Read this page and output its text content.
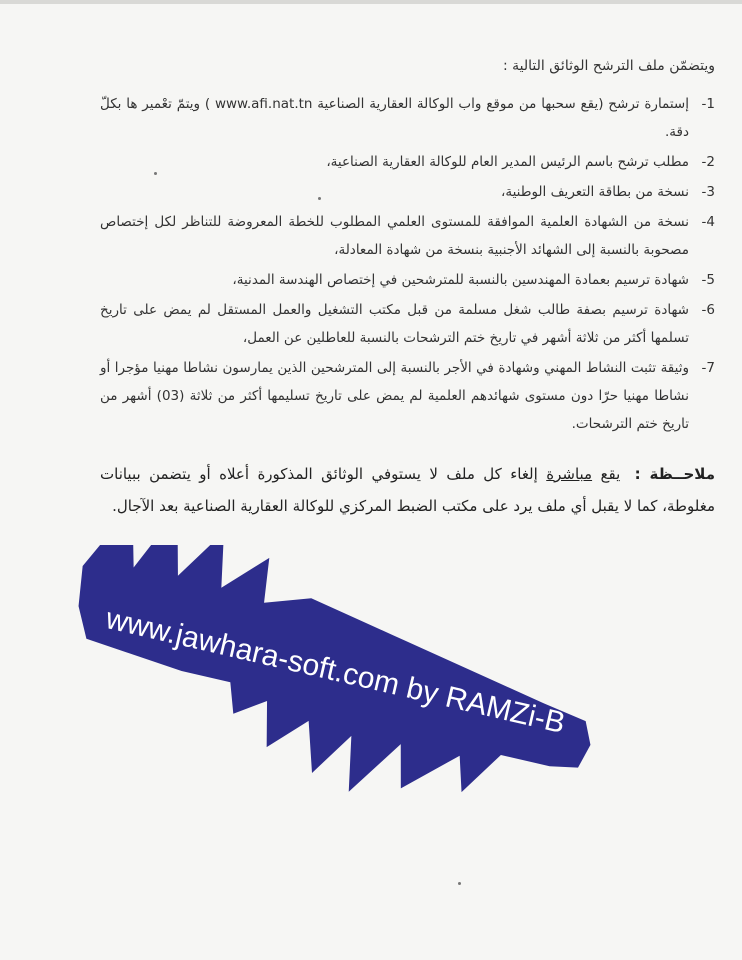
ويتضمّن ملف الترشح الوثائق التالية :

1-
إستمارة ترشح (يقع سحبها من موقع واب الوكالة العقارية الصناعية www.afi.nat.tn ) ويتمّ تعْمير ها بكلّ دقة.
2-
مطلب ترشح باسم الرئيس المدير العام للوكالة العقارية الصناعية،
3-
نسخة من بطاقة التعريف الوطنية،
4-
نسخة من الشهادة العلمية الموافقة للمستوى العلمي المطلوب للخطة المعروضة للتناظر لكل إختصاص مصحوبة بالنسبة إلى الشهائد الأجنبية بنسخة من شهادة المعادلة،
5-
شهادة ترسيم بعمادة المهندسين بالنسبة للمترشحين في إختصاص الهندسة المدنية،
6-
شهادة ترسيم بصفة طالب شغل مسلمة من قبل مكتب التشغيل والعمل المستقل لم يمض على تاريخ تسلمها أكثر من ثلاثة أشهر في تاريخ ختم الترشحات بالنسبة للعاطلين عن العمل،
7-
وثيقة تثبت النشاط المهني وشهادة في الأجر بالنسبة إلى المترشحين الذين يمارسون نشاطا مهنيا مؤجرا أو نشاطا مهنيا حرّا دون مستوى شهائدهم العلمية لم يمض على تاريخ تسليمها أكثر من ثلاثة (03) أشهر من تاريخ ختم الترشحات.

ملاحــظة : يقع مباشرة إلغاء كل ملف لا يستوفي الوثائق المذكورة أعلاه أو يتضمن ببيانات مغلوطة، كما لا يقبل أي ملف يرد على مكتب الضبط المركزي للوكالة العقارية الصناعية بعد الآجال.

www.jawhara-soft.com by RAMZi-B
